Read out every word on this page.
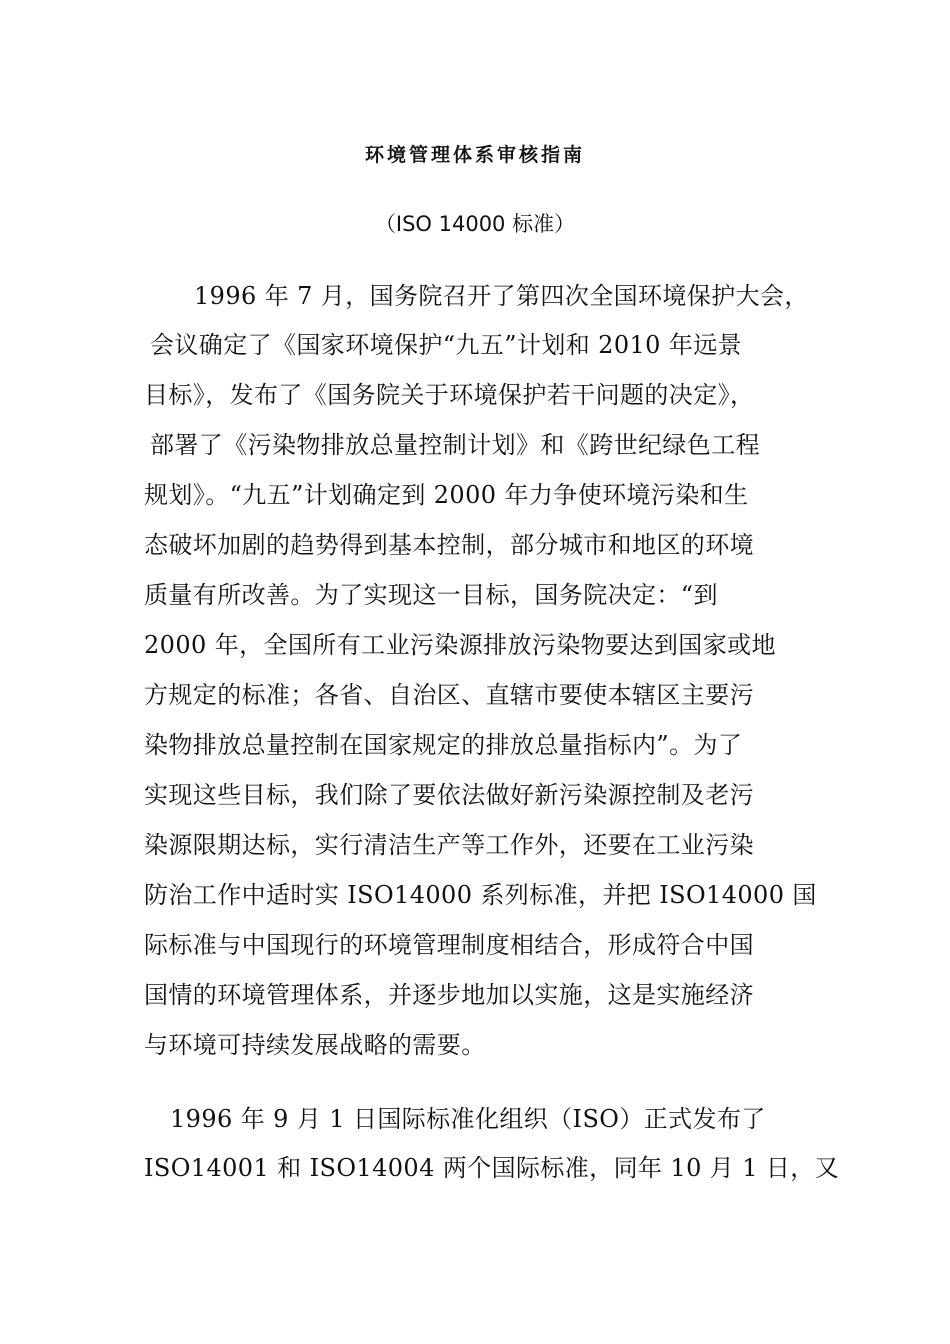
环境管理体系审核指南
（ISO 14000 标准）
1996 年 7 月，国务院召开了第四次全国环境保护大会，
会议确定了《国家环境保护“九五”计划和 2010 年远景
目标》，发布了《国务院关于环境保护若干问题的决定》，
部署了《污染物排放总量控制计划》和《跨世纪绿色工程
规划》。“九五”计划确定到 2000 年力争使环境污染和生
态破坏加剧的趋势得到基本控制，部分城市和地区的环境
质量有所改善。为了实现这一目标，国务院决定：“到
2000 年，全国所有工业污染源排放污染物要达到国家或地
方规定的标准；各省、自治区、直辖市要使本辖区主要污
染物排放总量控制在国家规定的排放总量指标内”。为了
实现这些目标，我们除了要依法做好新污染源控制及老污
染源限期达标，实行清洁生产等工作外，还要在工业污染
防治工作中适时实 ISO14000 系列标准，并把 ISO14000 国
际标准与中国现行的环境管理制度相结合，形成符合中国
国情的环境管理体系，并逐步地加以实施，这是实施经济
与环境可持续发展战略的需要。
1996 年 9 月 1 日国际标准化组织（ISO）正式发布了
ISO14001 和 ISO14004 两个国际标准，同年 10 月 1 日，又
